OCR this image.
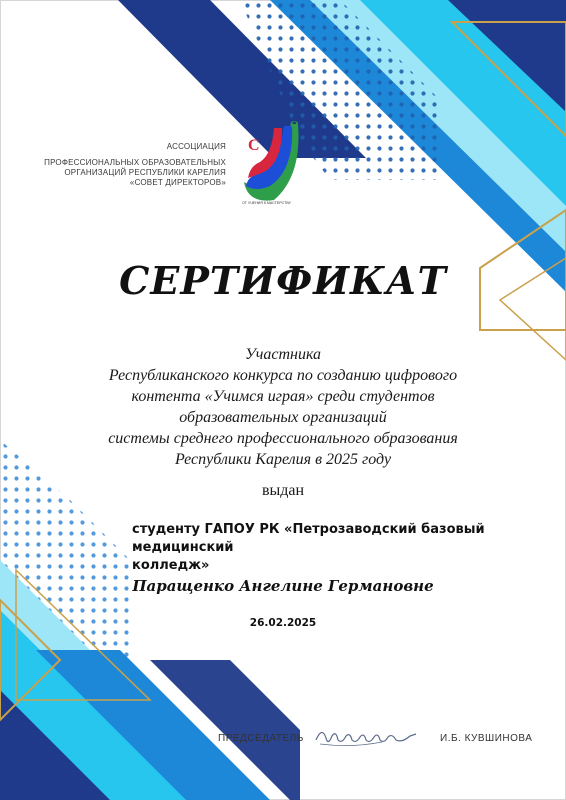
АССОЦИАЦИЯ
ПРОФЕССИОНАЛЬНЫХ ОБРАЗОВАТЕЛЬНЫХ
ОРГАНИЗАЦИЙ РЕСПУБЛИКИ КАРЕЛИЯ
«СОВЕТ ДИРЕКТОРОВ»
С
П
О
ОТ УЧЕНИЯ К МАСТЕРСТВУ
СЕРТИФИКАТ
Участника
Республиканского конкурса по созданию цифрового
контента «Учимся играя» среди студентов
образовательных организаций
системы среднего профессионального образования
Республики Карелия в 2025 году
выдан
студенту ГАПОУ РК «Петрозаводский базовый медицинский
колледж»
Паращенко Ангелине Германовне
26.02.2025
ПРЕДСЕДАТЕЛЬ	И.Б. КУВШИНОВА
